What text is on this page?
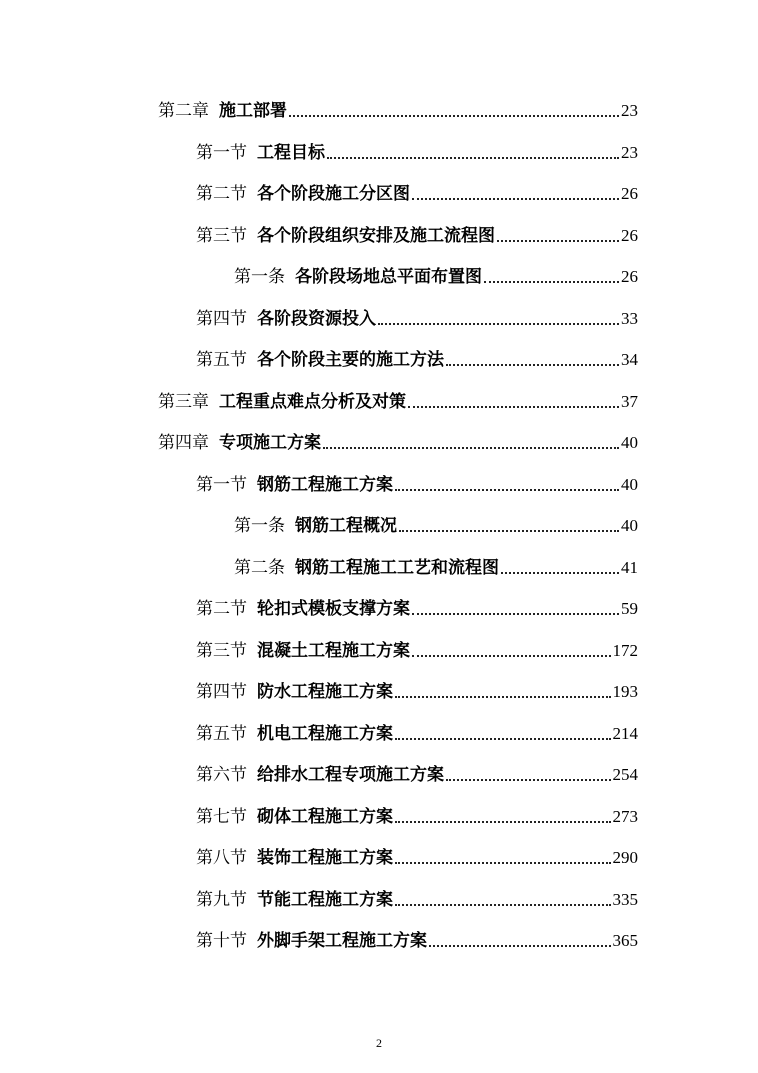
第二章 施工部署	23
第一节 工程目标	23
第二节 各个阶段施工分区图	26
第三节 各个阶段组织安排及施工流程图	26
第一条 各阶段场地总平面布置图	26
第四节 各阶段资源投入	33
第五节 各个阶段主要的施工方法	34
第三章 工程重点难点分析及对策	37
第四章 专项施工方案	40
第一节 钢筋工程施工方案	40
第一条 钢筋工程概况	40
第二条 钢筋工程施工工艺和流程图	41
第二节 轮扣式模板支撑方案	59
第三节 混凝土工程施工方案	172
第四节 防水工程施工方案	193
第五节 机电工程施工方案	214
第六节 给排水工程专项施工方案	254
第七节 砌体工程施工方案	273
第八节 装饰工程施工方案	290
第九节 节能工程施工方案	335
第十节 外脚手架工程施工方案	365
2
